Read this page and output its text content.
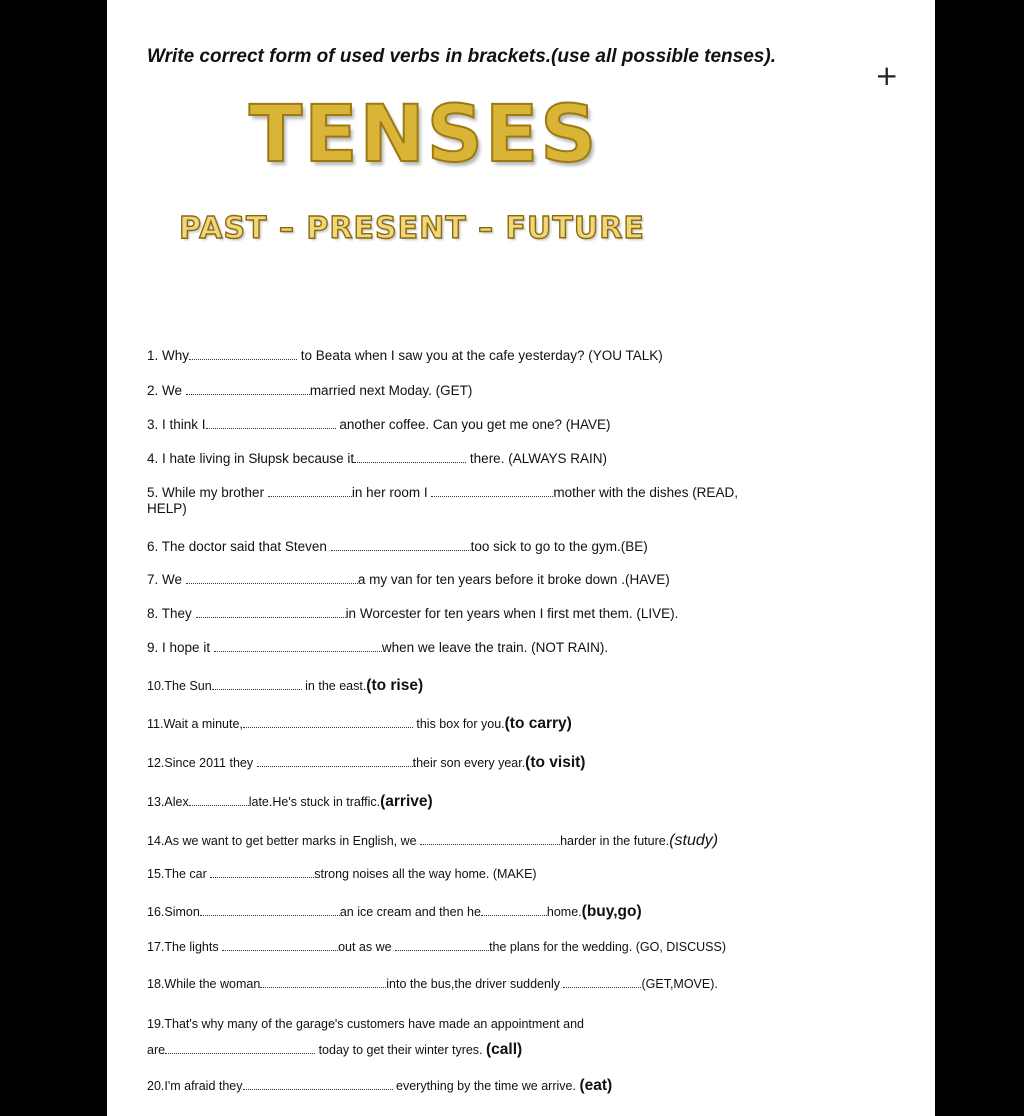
Write correct form of used verbs in brackets.(use all possible tenses).
TENSES
PAST – PRESENT – FUTURE
1. Why	to Beata when I saw you at the cafe yesterday? (YOU TALK)
2. We	married next Moday. (GET)
3. I think I	another coffee. Can you get me one? (HAVE)
4. I hate living in Słupsk because it	there. (ALWAYS RAIN)
5. While my brother	in her room I	mother with the dishes (READ,
HELP)
6. The doctor said that Steven	too sick to go to the gym.(BE)
7. We	a my van for ten years before it broke down .(HAVE)
8. They	in Worcester for ten years when I first met them. (LIVE).
9. I hope it	when we leave the train. (NOT RAIN).
10.The Sun	in the east.(to rise)
11.Wait a minute,	this box for you.(to carry)
12.Since 2011 they	their son every year.(to visit)
13.Alex	late.He's stuck in traffic.(arrive)
14.As we want to get better marks in English, we	harder in the future.(study)
15.The car	strong noises all the way home. (MAKE)
16.Simon	an ice cream and then he	home.(buy,go)
17.The lights	out as we	the plans for the wedding. (GO, DISCUSS)
18.While the woman	into the bus,the driver suddenly	(GET,MOVE).
19.That's why many of the garage's customers have made an appointment and
are	today to get their winter tyres. (call)
20.I'm afraid they	everything by the time we arrive. (eat)
+
